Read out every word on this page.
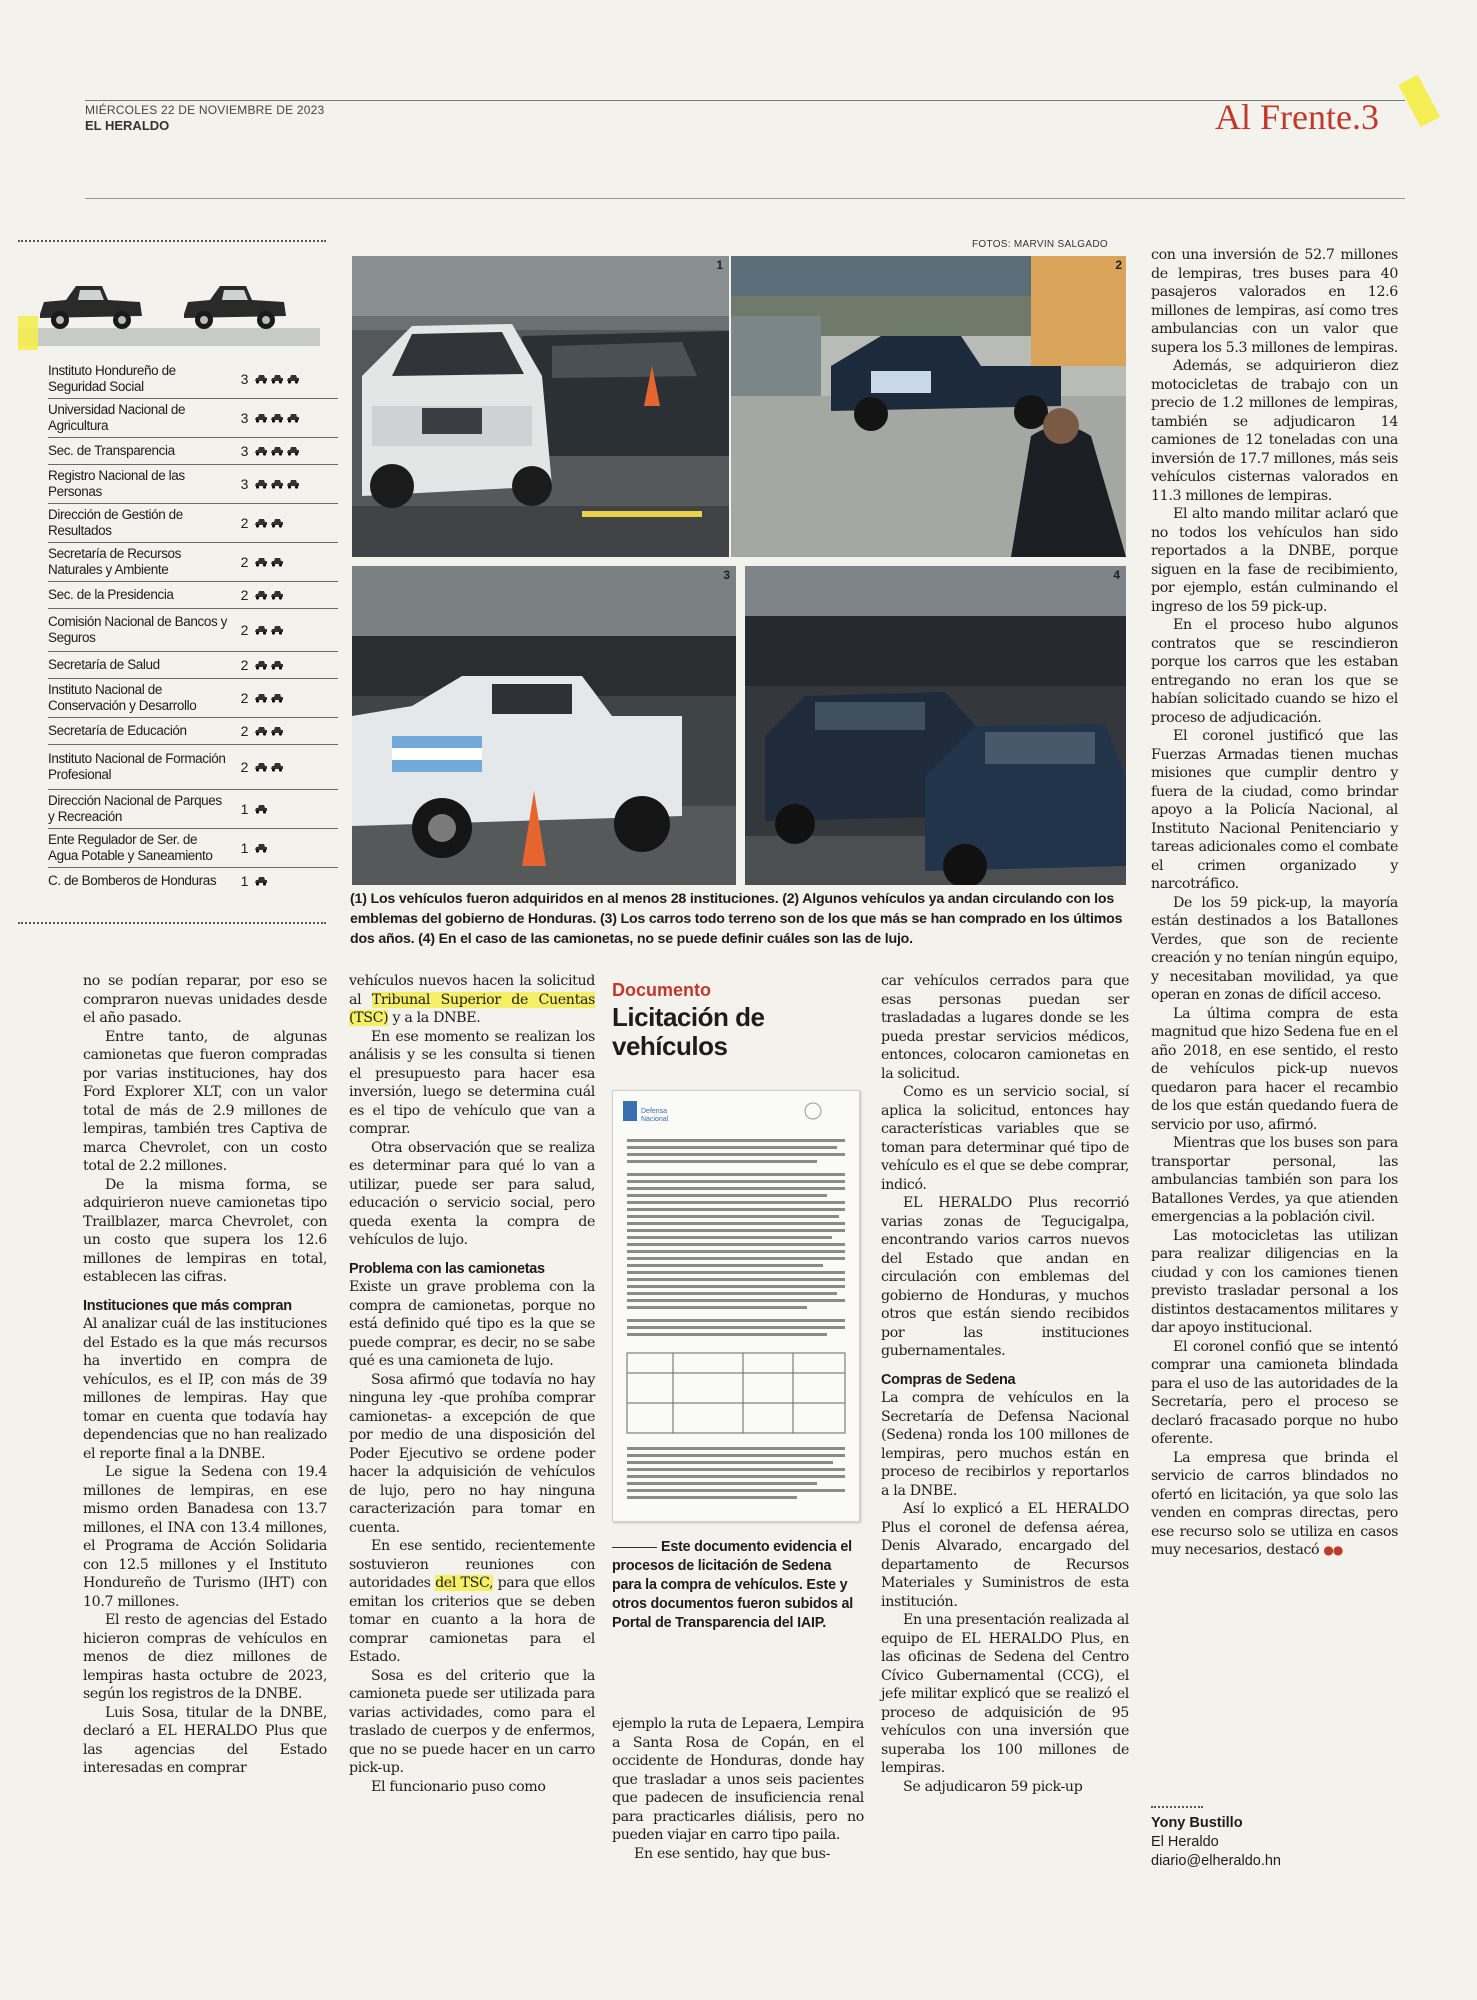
MIÉRCOLES 22 DE NOVIEMBRE DE 2023
EL HERALDO	Al Frente.3
Instituto Hondureño de Seguridad Social	3
Universidad Nacional de Agricultura	3
Sec. de Transparencia	3
Registro Nacional de las Personas	3
Dirección de Gestión de Resultados	2
Secretaría de Recursos Naturales y Ambiente	2
Sec. de la Presidencia	2
Comisión Nacional de Bancos y Seguros	2
Secretaría de Salud	2
Instituto Nacional de Conservación y Desarrollo	2
Secretaría de Educación	2
Instituto Nacional de Formación Profesional	2
Dirección Nacional de Parques y Recreación	1
Ente Regulador de Ser. de Agua Potable y Saneamiento	1
C. de Bomberos de Honduras	1
FOTOS: MARVIN SALGADO
1	2
3	4
(1) Los vehículos fueron adquiridos en al menos 28 instituciones. (2) Algunos vehículos ya andan circulando con los emblemas del gobierno de Honduras. (3) Los carros todo terreno son de los que más se han comprado en los últimos dos años. (4) En el caso de las camionetas, no se puede definir cuáles son las de lujo.

no se podían reparar, por eso se compraron nuevas unidades desde el año pasado.

Entre tanto, de algunas camionetas que fueron compradas por varias instituciones, hay dos Ford Explorer XLT, con un valor total de más de 2.9 millones de lempiras, también tres Captiva de marca Chevrolet, con un costo total de 2.2 millones.

De la misma forma, se adquirieron nueve camionetas tipo Trailblazer, marca Chevrolet, con un costo que supera los 12.6 millones de lempiras en total, establecen las cifras.

Instituciones que más compran

Al analizar cuál de las instituciones del Estado es la que más recursos ha invertido en compra de vehículos, es el IP, con más de 39 millones de lempiras. Hay que tomar en cuenta que todavía hay dependencias que no han realizado el reporte final a la DNBE.

Le sigue la Sedena con 19.4 millones de lempiras, en ese mismo orden Banadesa con 13.7 millones, el INA con 13.4 millones, el Programa de Acción Solidaria con 12.5 millones y el Instituto Hondureño de Turismo (IHT) con 10.7 millones.

El resto de agencias del Estado hicieron compras de vehículos en menos de diez millones de lempiras hasta octubre de 2023, según los registros de la DNBE.

Luis Sosa, titular de la DNBE, declaró a EL HERALDO Plus que las agencias del Estado interesadas en comprar

vehículos nuevos hacen la solicitud al Tribunal Superior de Cuentas (TSC) y a la DNBE.

En ese momento se realizan los análisis y se les consulta si tienen el presupuesto para hacer esa inversión, luego se determina cuál es el tipo de vehículo que van a comprar.

Otra observación que se realiza es determinar para qué lo van a utilizar, puede ser para salud, educación o servicio social, pero queda exenta la compra de vehículos de lujo.

Problema con las camionetas

Existe un grave problema con la compra de camionetas, porque no está definido qué tipo es la que se puede comprar, es decir, no se sabe qué es una camioneta de lujo.

Sosa afirmó que todavía no hay ninguna ley -que prohíba comprar camionetas- a excepción de que por medio de una disposición del Poder Ejecutivo se ordene poder hacer la adquisición de vehículos de lujo, pero no hay ninguna caracterización para tomar en cuenta.

En ese sentido, recientemente sostuvieron reuniones con autoridades del TSC, para que ellos emitan los criterios que se deben tomar en cuanto a la hora de comprar camionetas para el Estado.

Sosa es del criterio que la camioneta puede ser utilizada para varias actividades, como para el traslado de cuerpos y de enfermos, que no se puede hacer en un carro pick-up.

El funcionario puso como

Documento
Licitación de vehículos
Defensa
Nacional
Este documento evidencia el procesos de licitación de Sedena para la compra de vehículos. Este y otros documentos fueron subidos al Portal de Transparencia del IAIP.

ejemplo la ruta de Lepaera, Lempira a Santa Rosa de Copán, en el occidente de Honduras, donde hay que trasladar a unos seis pacientes que padecen de insuficiencia renal para practicarles diálisis, pero no pueden viajar en carro tipo paila.

En ese sentido, hay que bus-

car vehículos cerrados para que esas personas puedan ser trasladadas a lugares donde se les pueda prestar servicios médicos, entonces, colocaron camionetas en la solicitud.

Como es un servicio social, sí aplica la solicitud, entonces hay características variables que se toman para determinar qué tipo de vehículo es el que se debe comprar, indicó.

EL HERALDO Plus recorrió varias zonas de Tegucigalpa, encontrando varios carros nuevos del Estado que andan en circulación con emblemas del gobierno de Honduras, y muchos otros que están siendo recibidos por las instituciones gubernamentales.

Compras de Sedena

La compra de vehículos en la Secretaría de Defensa Nacional (Sedena) ronda los 100 millones de lempiras, pero muchos están en proceso de recibirlos y reportarlos a la DNBE.

Así lo explicó a EL HERALDO Plus el coronel de defensa aérea, Denis Alvarado, encargado del departamento de Recursos Materiales y Suministros de esta institución.

En una presentación realizada al equipo de EL HERALDO Plus, en las oficinas de Sedena del Centro Cívico Gubernamental (CCG), el jefe militar explicó que se realizó el proceso de adquisición de 95 vehículos con una inversión que superaba los 100 millones de lempiras.

Se adjudicaron 59 pick-up

con una inversión de 52.7 millones de lempiras, tres buses para 40 pasajeros valorados en 12.6 millones de lempiras, así como tres ambulancias con un valor que supera los 5.3 millones de lempiras.

Además, se adquirieron diez motocicletas de trabajo con un precio de 1.2 millones de lempiras, también se adjudicaron 14 camiones de 12 toneladas con una inversión de 17.7 millones, más seis vehículos cisternas valorados en 11.3 millones de lempiras.

El alto mando militar aclaró que no todos los vehículos han sido reportados a la DNBE, porque siguen en la fase de recibimiento, por ejemplo, están culminando el ingreso de los 59 pick-up.

En el proceso hubo algunos contratos que se rescindieron porque los carros que les estaban entregando no eran los que se habían solicitado cuando se hizo el proceso de adjudicación.

El coronel justificó que las Fuerzas Armadas tienen muchas misiones que cumplir dentro y fuera de la ciudad, como brindar apoyo a la Policía Nacional, al Instituto Nacional Penitenciario y tareas adicionales como el combate el crimen organizado y narcotráfico.

De los 59 pick-up, la mayoría están destinados a los Batallones Verdes, que son de reciente creación y no tenían ningún equipo, y necesitaban movilidad, ya que operan en zonas de difícil acceso.

La última compra de esta magnitud que hizo Sedena fue en el año 2018, en ese sentido, el resto de vehículos pick-up nuevos quedaron para hacer el recambio de los que están quedando fuera de servicio por uso, afirmó.

Mientras que los buses son para transportar personal, las ambulancias también son para los Batallones Verdes, ya que atienden emergencias a la población civil.

Las motocicletas las utilizan para realizar diligencias en la ciudad y con los camiones tienen previsto trasladar personal a los distintos destacamentos militares y dar apoyo institucional.

El coronel confió que se intentó comprar una camioneta blindada para el uso de las autoridades de la Secretaría, pero el proceso se declaró fracasado porque no hubo oferente.

La empresa que brinda el servicio de carros blindados no ofertó en licitación, ya que solo las venden en compras directas, pero ese recurso solo se utiliza en casos muy necesarios, destacó ●●

Yony Bustillo
El Heraldo
diario@elheraldo.hn
